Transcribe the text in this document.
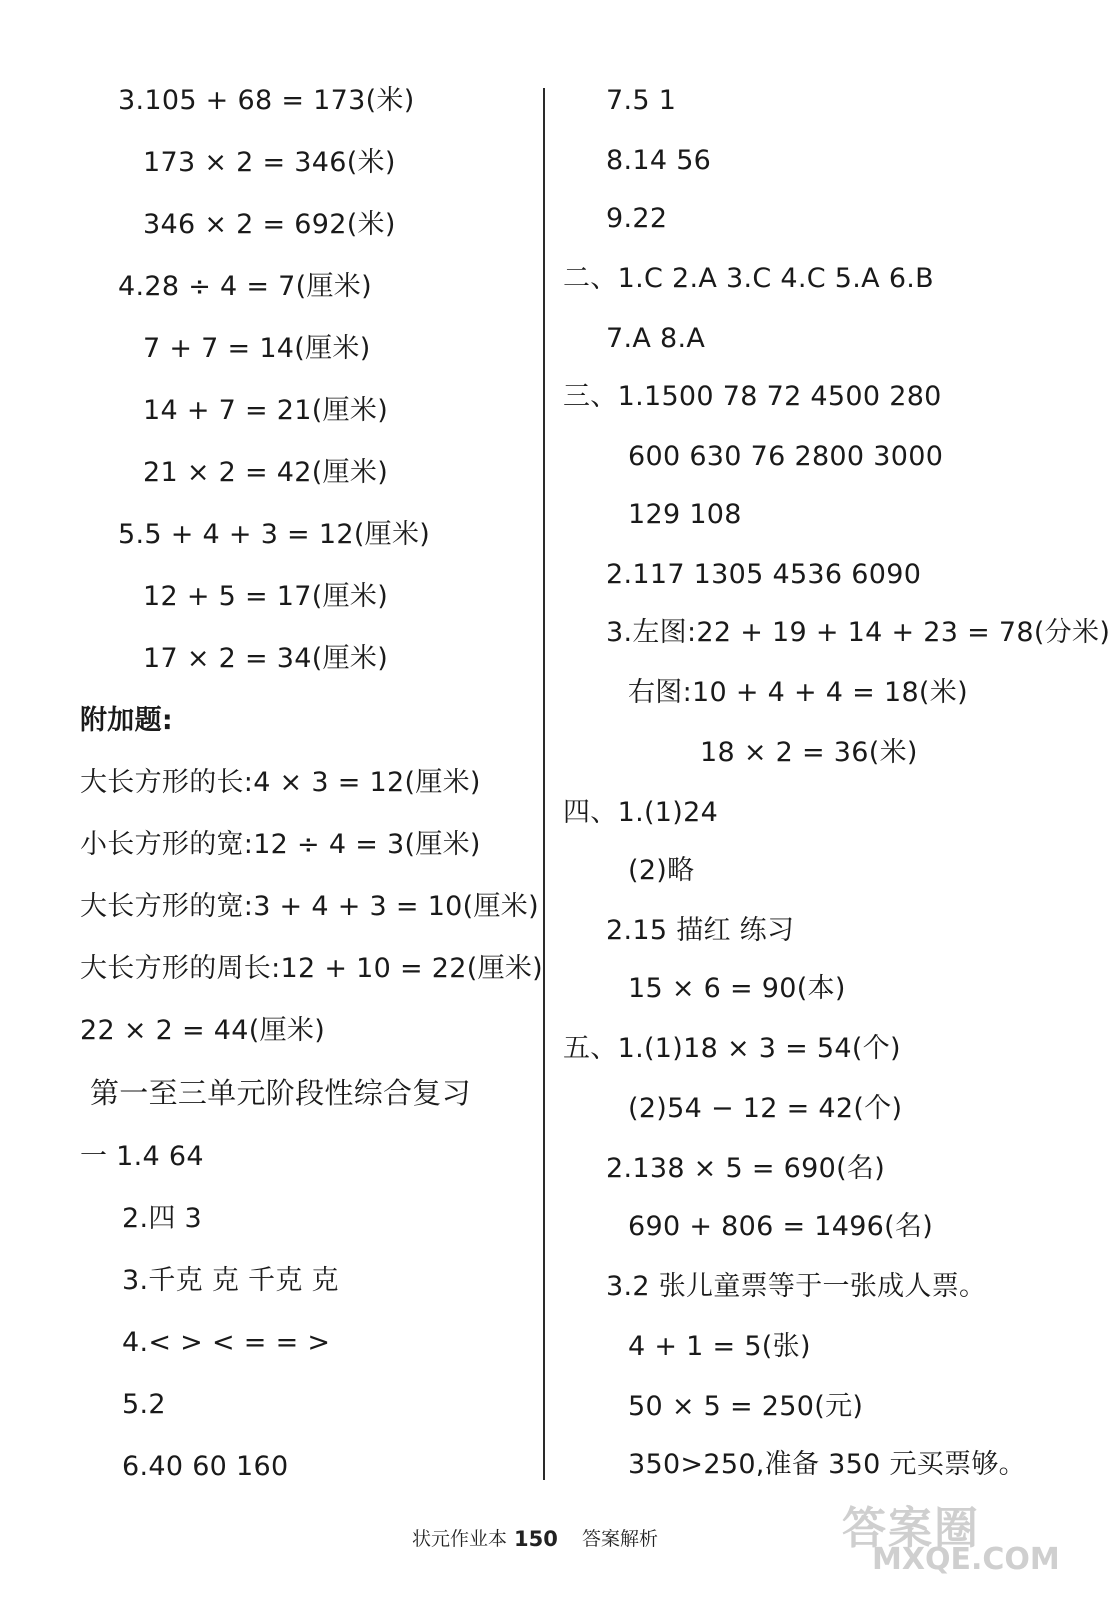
3.105 + 68 = 173(米)
173 × 2 = 346(米)
346 × 2 = 692(米)
4.28 ÷ 4 = 7(厘米)
7 + 7 = 14(厘米)
14 + 7 = 21(厘米)
21 × 2 = 42(厘米)
5.5 + 4 + 3 = 12(厘米)
12 + 5 = 17(厘米)
17 × 2 = 34(厘米)
附加题:
大长方形的长:4 × 3 = 12(厘米)
小长方形的宽:12 ÷ 4 = 3(厘米)
大长方形的宽:3 + 4 + 3 = 10(厘米)
大长方形的周长:12 + 10 = 22(厘米)
22 × 2 = 44(厘米)
第一至三单元阶段性综合复习
一 1.4 64
2.四 3
3.千克 克 千克 克
4.< > < = = >
5.2
6.40 60 160
7.5 1
8.14 56
9.22
二、1.C 2.A 3.C 4.C 5.A 6.B
7.A 8.A
三、1.1500 78 72 4500 280
600 630 76 2800 3000
129 108
2.117 1305 4536 6090
3.左图:22 + 19 + 14 + 23 = 78(分米)
右图:10 + 4 + 4 = 18(米)
18 × 2 = 36(米)
四、1.(1)24
(2)略
2.15 描红 练习
15 × 6 = 90(本)
五、1.(1)18 × 3 = 54(个)
(2)54 − 12 = 42(个)
2.138 × 5 = 690(名)
690 + 806 = 1496(名)
3.2 张儿童票等于一张成人票。
4 + 1 = 5(张)
50 × 5 = 250(元)
350>250,准备 350 元买票够。
状元作业本 150 答案解析	答案圈
MXQE.COM
